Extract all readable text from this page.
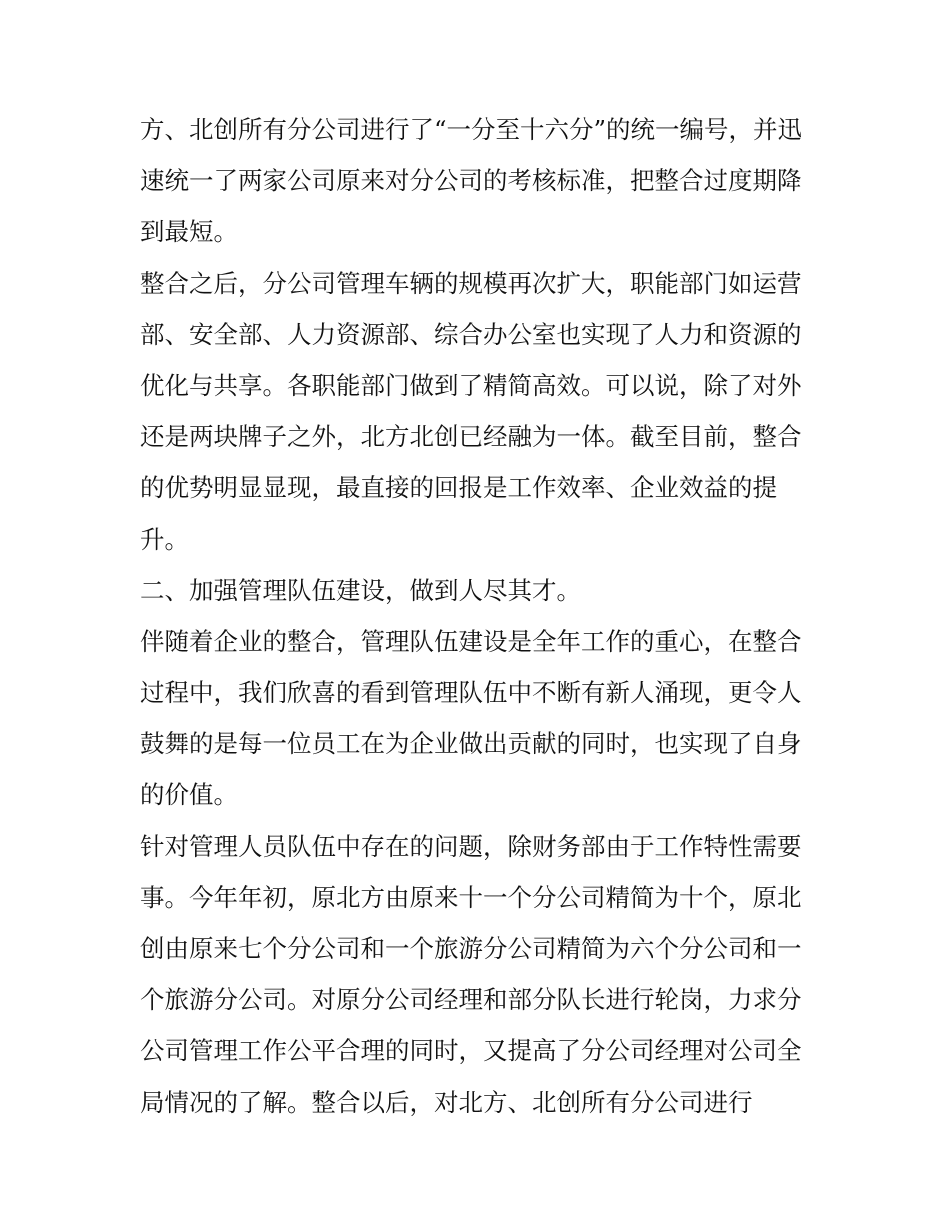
方、北创所有分公司进行了“一分至十六分”的统一编号，并迅
速统一了两家公司原来对分公司的考核标准，把整合过度期降
到最短。
整合之后，分公司管理车辆的规模再次扩大，职能部门如运营
部、安全部、人力资源部、综合办公室也实现了人力和资源的
优化与共享。各职能部门做到了精简高效。可以说，除了对外
还是两块牌子之外，北方北创已经融为一体。截至目前，整合
的优势明显显现，最直接的回报是工作效率、企业效益的提
升。
二、加强管理队伍建设，做到人尽其才。
伴随着企业的整合，管理队伍建设是全年工作的重心，在整合
过程中，我们欣喜的看到管理队伍中不断有新人涌现，更令人
鼓舞的是每一位员工在为企业做出贡献的同时，也实现了自身
的价值。
针对管理人员队伍中存在的问题，除财务部由于工作特性需要
事。今年年初，原北方由原来十一个分公司精简为十个，原北
创由原来七个分公司和一个旅游分公司精简为六个分公司和一
个旅游分公司。对原分公司经理和部分队长进行轮岗，力求分
公司管理工作公平合理的同时，又提高了分公司经理对公司全
局情况的了解。整合以后，对北方、北创所有分公司进行
